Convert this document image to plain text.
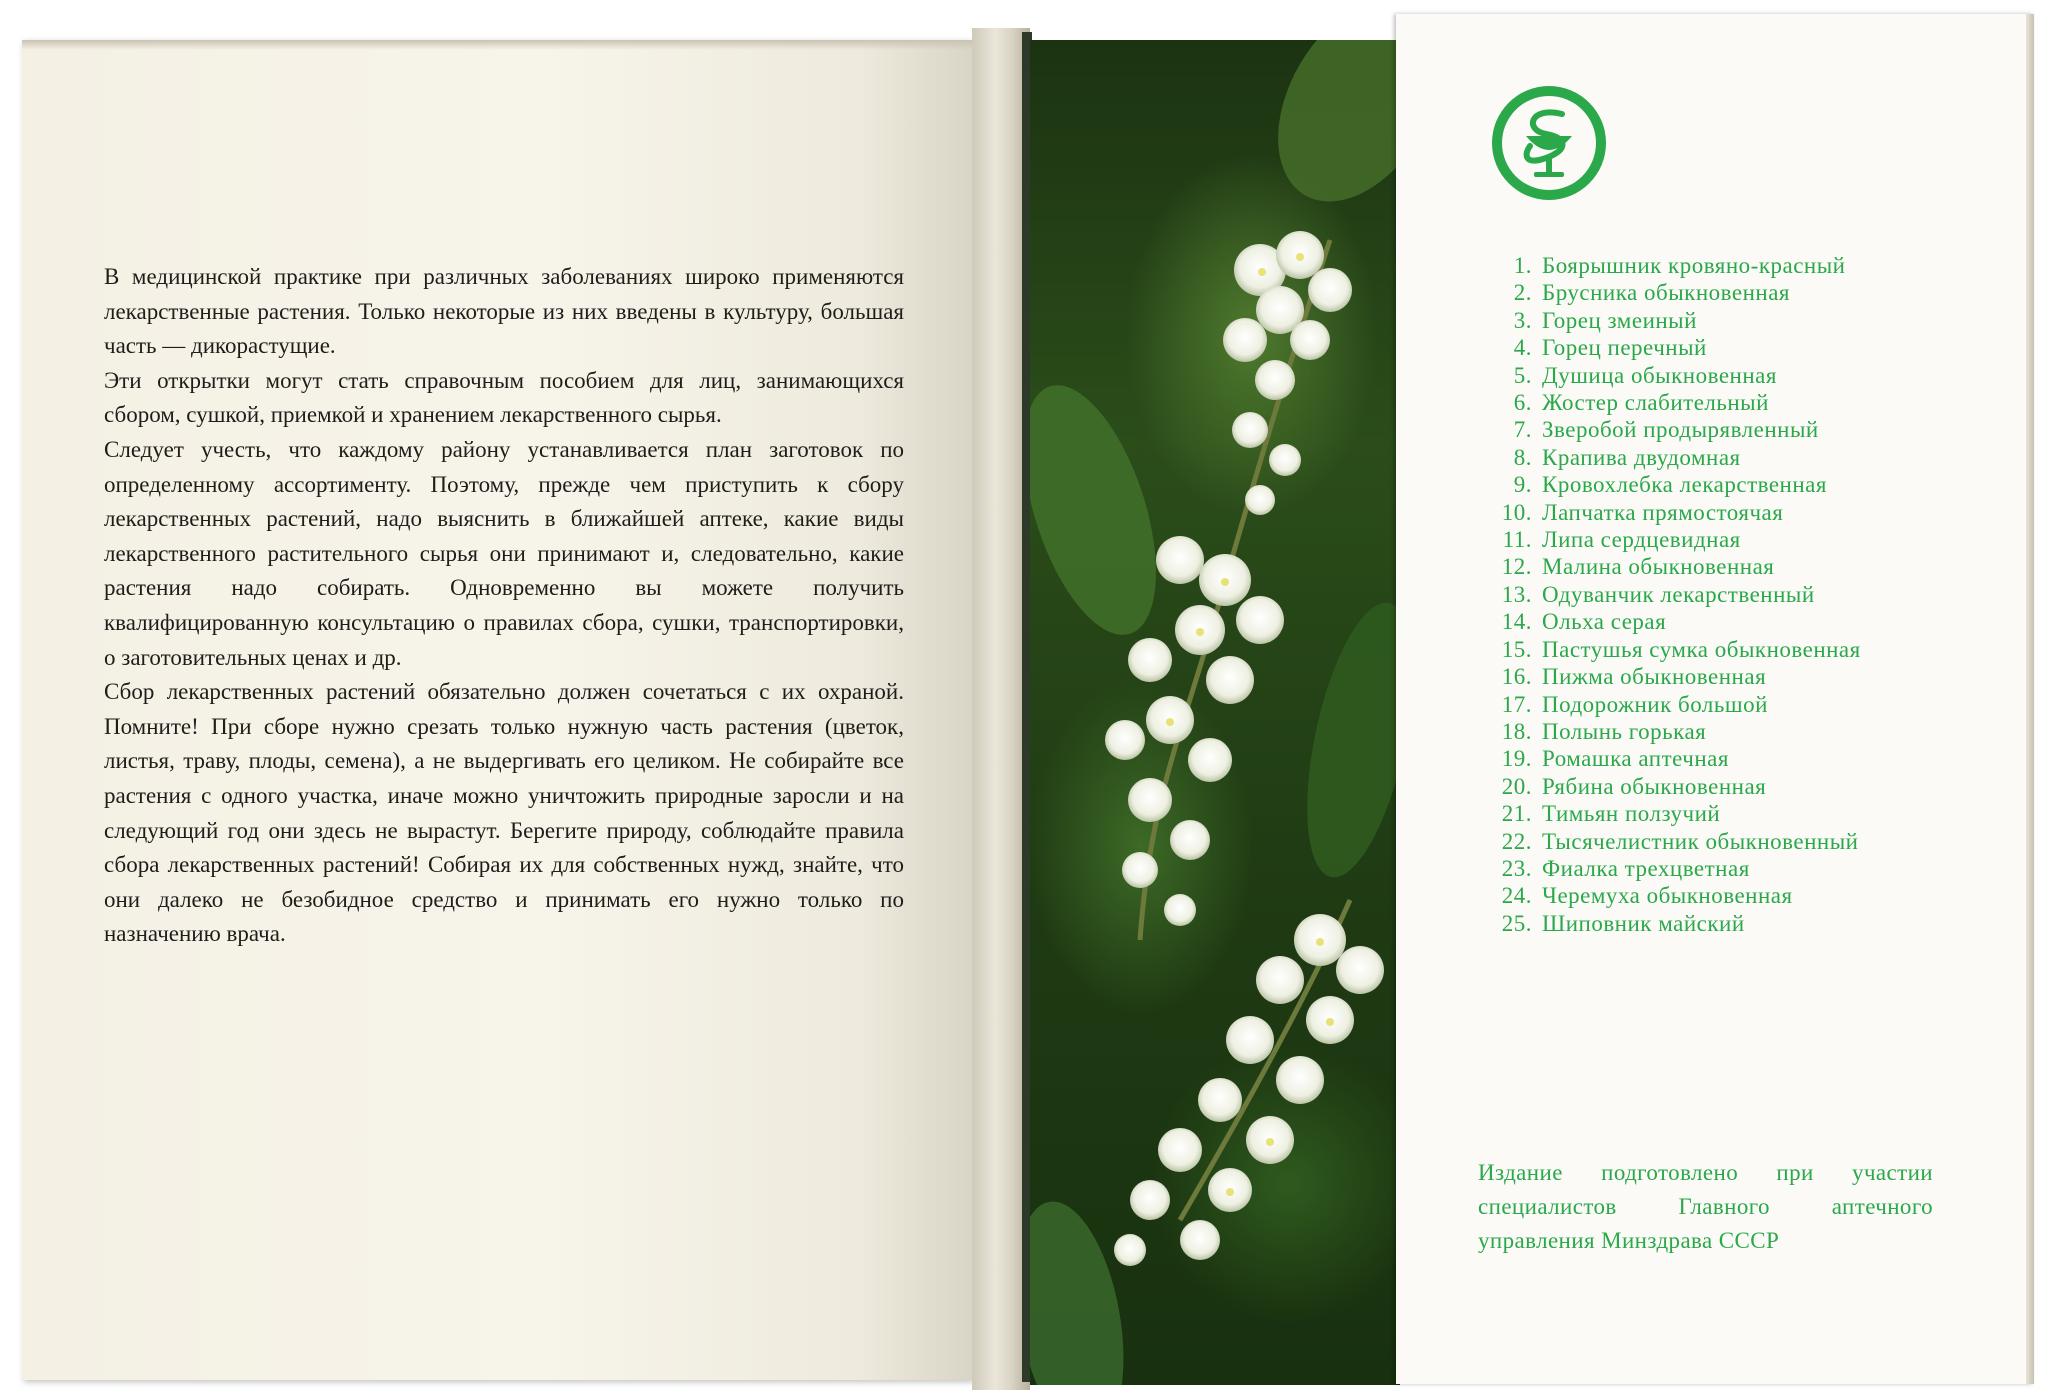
В медицинской практике при различных заболеваниях широко применяются лекарственные растения. Только некоторые из них введены в культуру, большая часть — дикорастущие.

Эти открытки могут стать справочным пособием для лиц, занимающихся сбором, сушкой, приемкой и хранением лекарственного сырья.

Следует учесть, что каждому району устанавливается план заготовок по определенному ассортименту. Поэтому, прежде чем приступить к сбору лекарственных растений, надо выяснить в ближайшей аптеке, какие виды лекарственного растительного сырья они принимают и, следовательно, какие растения надо собирать. Одновременно вы можете получить квалифицированную консультацию о правилах сбора, сушки, транспортировки, о заготовительных ценах и др.

Сбор лекарственных растений обязательно должен сочетаться с их охраной. Помните! При сборе нужно срезать только нужную часть растения (цветок, листья, траву, плоды, семена), а не выдергивать его целиком. Не собирайте все растения с одного участка, иначе можно уничтожить природные заросли и на следующий год они здесь не вырастут. Берегите природу, соблюдайте правила сбора лекарственных растений! Собирая их для собственных нужд, знайте, что они далеко не безобидное средство и принимать его нужно только по назначению врача.

1. Боярышник кровяно-красный
2. Брусника обыкновенная
3. Горец змеиный
4. Горец перечный
5. Душица обыкновенная
6. Жостер слабительный
7. Зверобой продырявленный
8. Крапива двудомная
9. Кровохлебка лекарственная
10. Лапчатка прямостоячая
11. Липа сердцевидная
12. Малина обыкновенная
13. Одуванчик лекарственный
14. Ольха серая
15. Пастушья сумка обыкновенная
16. Пижма обыкновенная
17. Подорожник большой
18. Полынь горькая
19. Ромашка аптечная
20. Рябина обыкновенная
21. Тимьян ползучий
22. Тысячелистник обыкновенный
23. Фиалка трехцветная
24. Черемуха обыкновенная
25. Шиповник майский
Издание подготовлено при участии
специалистов Главного аптечного
управления Минздрава СССР
